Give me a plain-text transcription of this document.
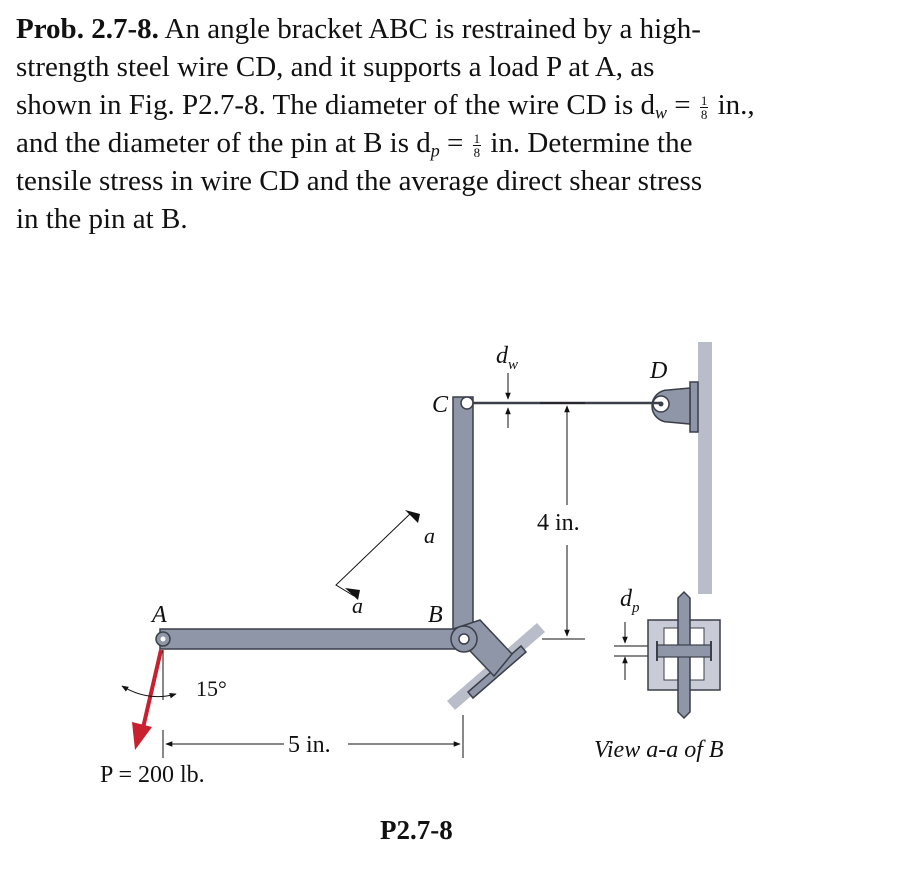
Prob. 2.7-8. An angle bracket ABC is restrained by a high-
strength steel wire CD, and it supports a load P at A, as
shown in Fig. P2.7-8. The diameter of the wire CD is $d_w = \frac{1}{8}$ in.,
and the diameter of the pin at B is $d_p = \frac{1}{8}$ in. Determine the
tensile stress in wire CD and the average direct shear stress
in the pin at B.
15°
a
a
A	B
C
D
$d_w$
4 in.
5 in.
P = 200 lb.
$d_p$
View a-a of B
P2.7-8
